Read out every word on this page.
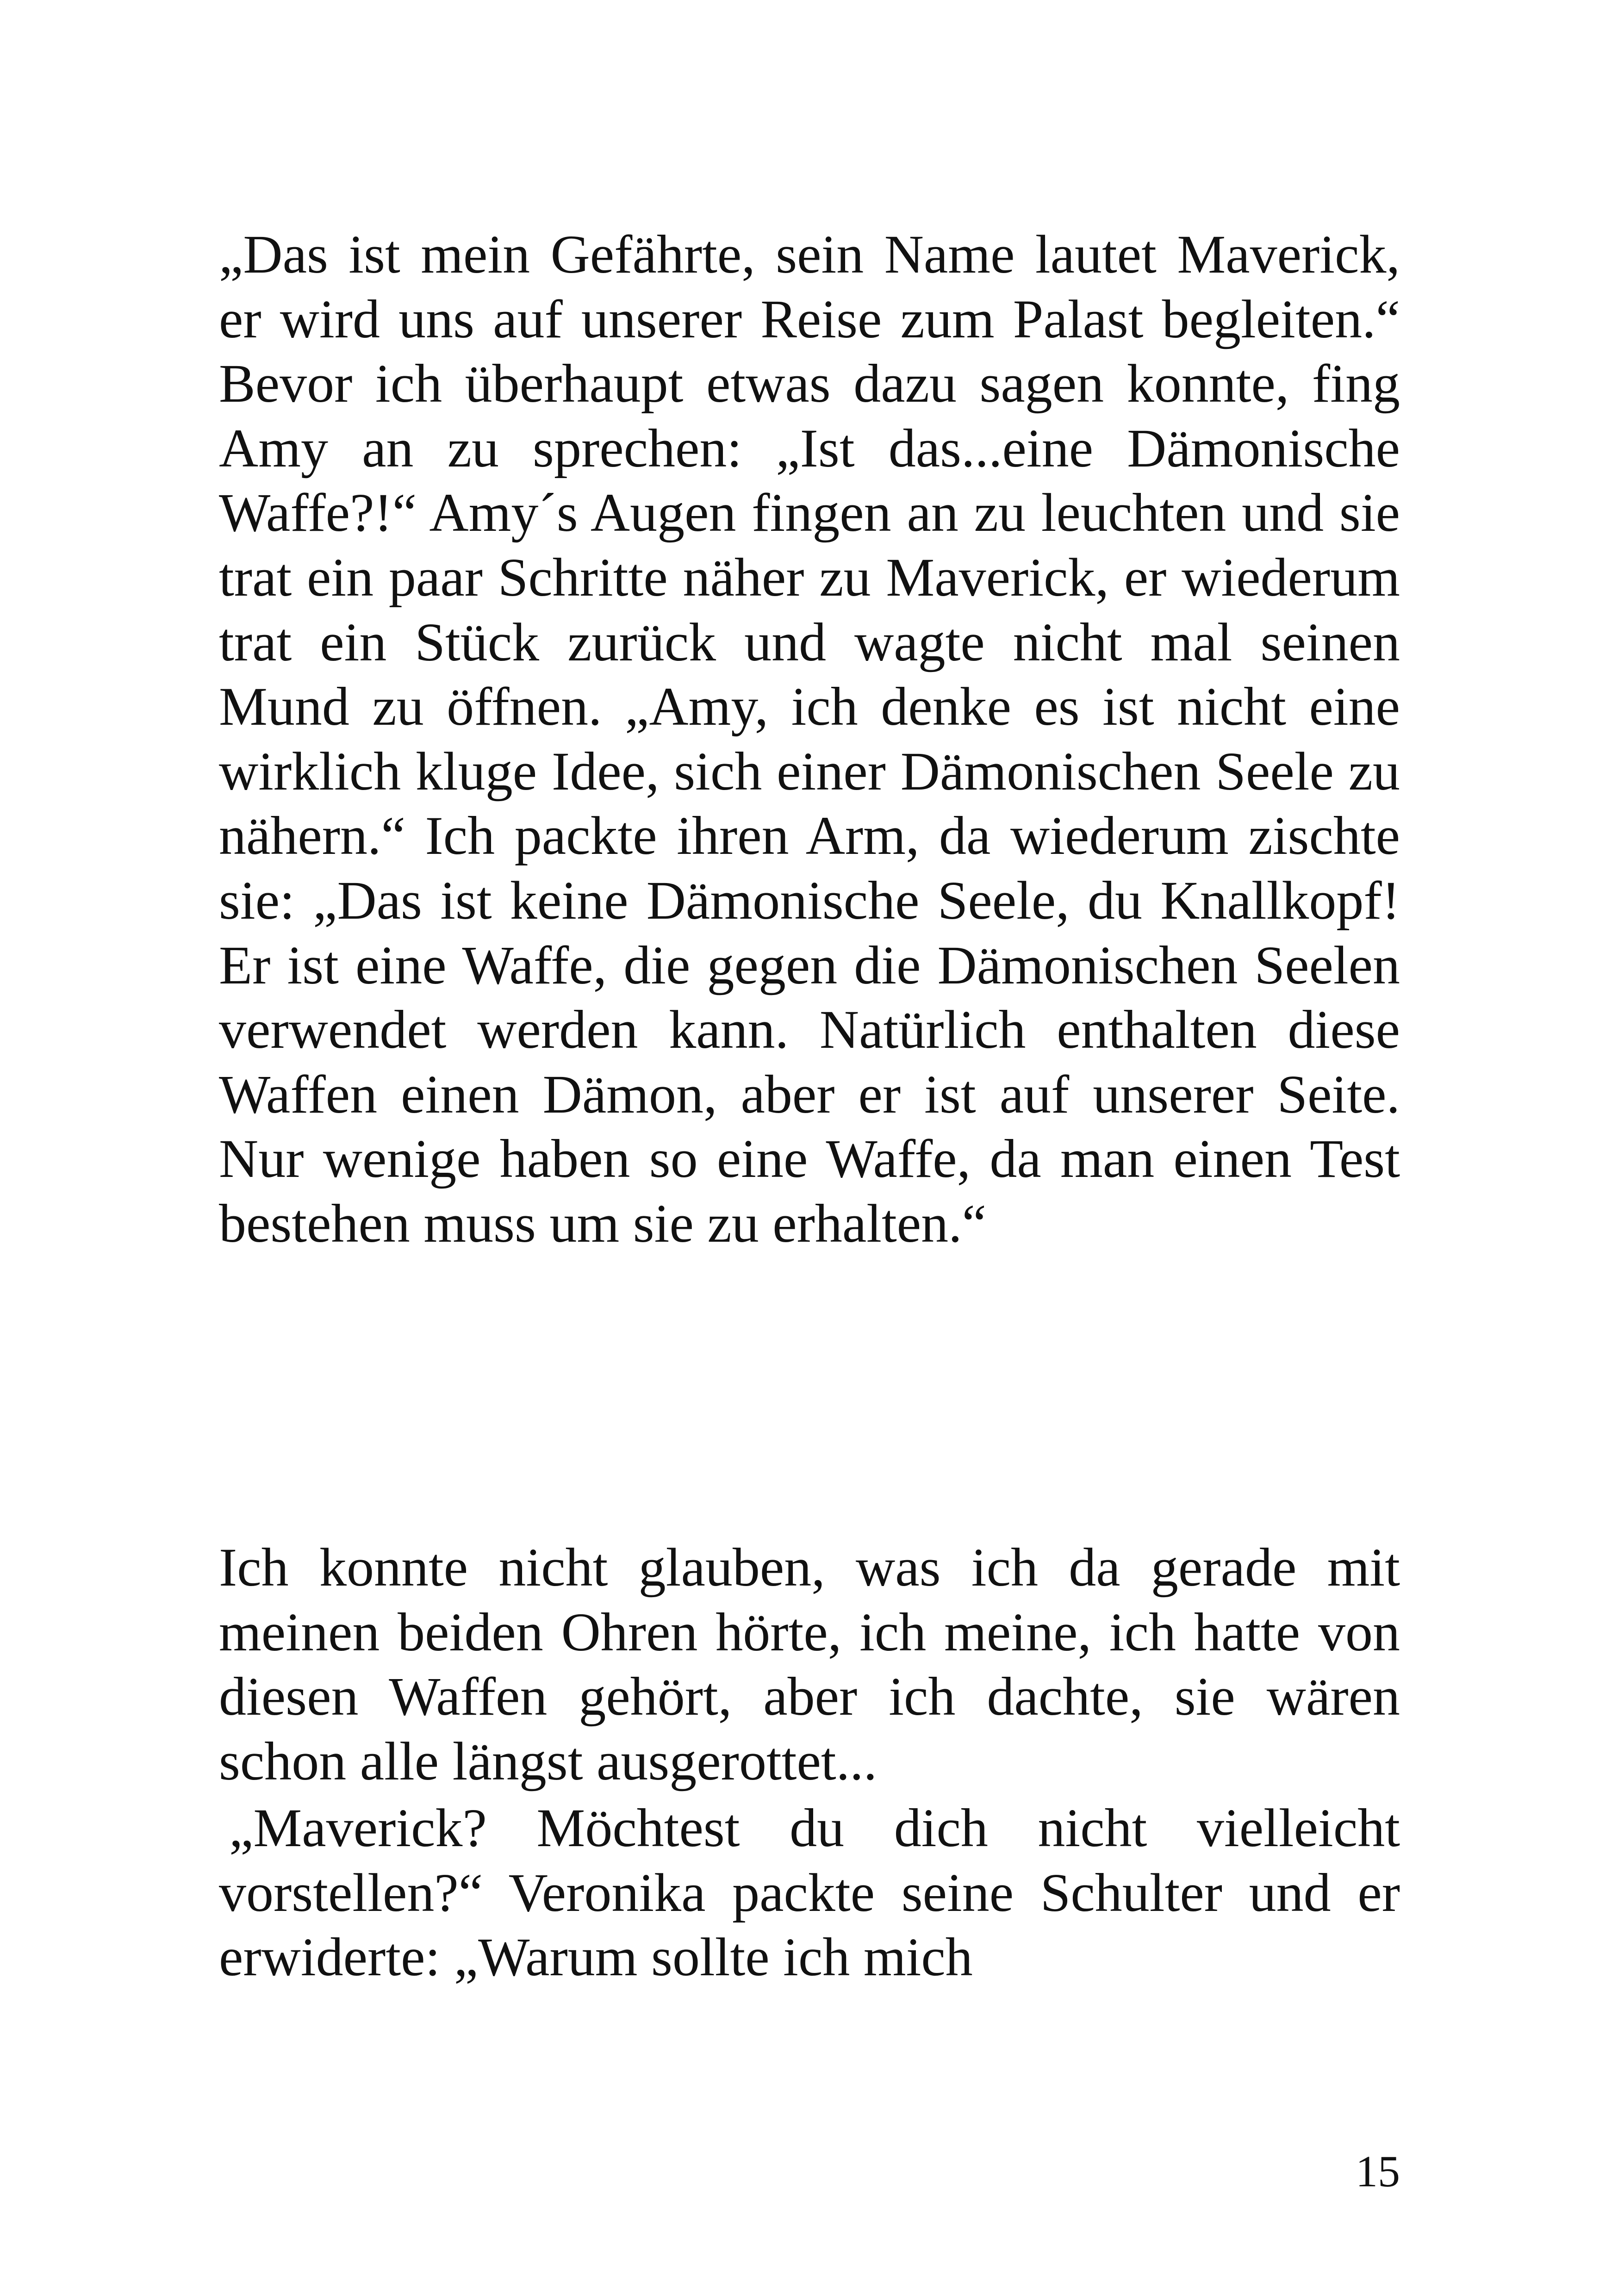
„Das ist mein Gefährte, sein Name lautet Maverick, er wird uns auf unserer Reise zum Palast begleiten.“ Bevor ich überhaupt etwas dazu sagen konnte, fing Amy an zu sprechen: „Ist das...eine Dämonische Waffe?!“ Amy´s Augen fingen an zu leuchten und sie trat ein paar Schritte näher zu Maverick, er wiederum trat ein Stück zurück und wagte nicht mal seinen Mund zu öffnen. „Amy, ich denke es ist nicht eine wirklich kluge Idee, sich einer Dämonischen Seele zu nähern.“ Ich packte ihren Arm, da wiederum zischte sie: „Das ist keine Dämonische Seele, du Knallkopf! Er ist eine Waffe, die gegen die Dämonischen Seelen verwendet werden kann. Natürlich enthalten diese Waffen einen Dämon, aber er ist auf unserer Seite. Nur wenige haben so eine Waffe, da man einen Test bestehen muss um sie zu erhalten.“

Ich konnte nicht glauben, was ich da gerade mit meinen beiden Ohren hörte, ich meine, ich hatte von diesen Waffen gehört, aber ich dachte, sie wären schon alle längst ausgerottet...

„Maverick? Möchtest du dich nicht vielleicht vorstellen?“ Veronika packte seine Schulter und er erwiderte: „Warum sollte ich mich

15
